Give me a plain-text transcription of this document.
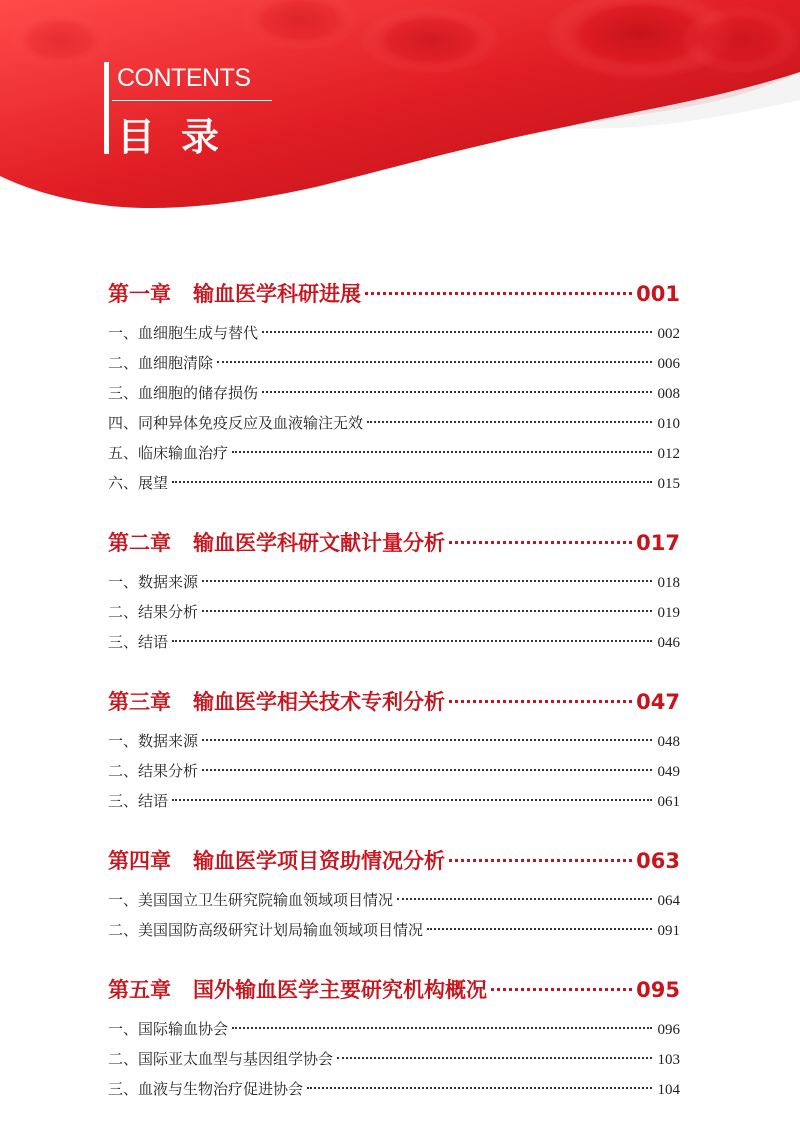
CONTENTS
目录
第一章 输血医学科研进展	001
一、血细胞生成与替代	002
二、血细胞清除	006
三、血细胞的储存损伤	008
四、同种异体免疫反应及血液输注无效	010
五、临床输血治疗	012
六、展望	015
第二章 输血医学科研文献计量分析	017
一、数据来源	018
二、结果分析	019
三、结语	046
第三章 输血医学相关技术专利分析	047
一、数据来源	048
二、结果分析	049
三、结语	061
第四章 输血医学项目资助情况分析	063
一、美国国立卫生研究院输血领域项目情况	064
二、美国国防高级研究计划局输血领域项目情况	091
第五章 国外输血医学主要研究机构概况	095
一、国际输血协会	096
二、国际亚太血型与基因组学协会	103
三、血液与生物治疗促进协会	104
